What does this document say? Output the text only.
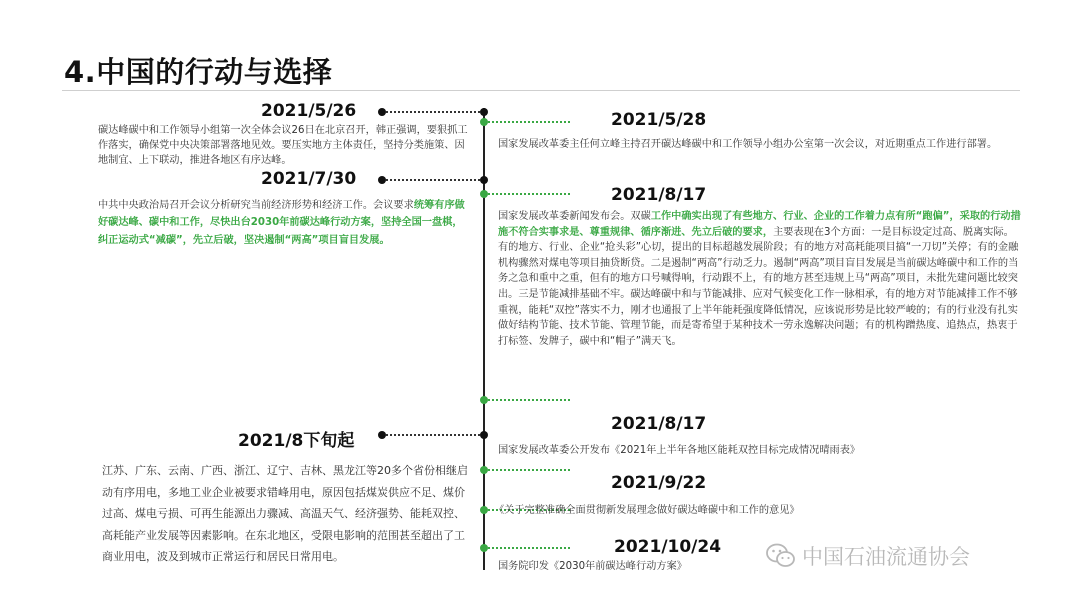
4.中国的行动与选择
2021/5/26
碳达峰碳中和工作领导小组第一次全体会议26日在北京召开，韩正强调，要狠抓工作落实，确保党中央决策部署落地见效。要压实地方主体责任，坚持分类施策、因地制宜、上下联动，推进各地区有序达峰。
2021/7/30
中共中央政治局召开会议分析研究当前经济形势和经济工作。会议要求统筹有序做好碳达峰、碳中和工作，尽快出台2030年前碳达峰行动方案，坚持全国一盘棋，纠正运动式“减碳”，先立后破，坚决遏制“两高”项目盲目发展。
2021/8下旬起
江苏、广东、云南、广西、浙江、辽宁、吉林、黑龙江等20多个省份相继启动有序用电，多地工业企业被要求错峰用电，原因包括煤炭供应不足、煤价过高、煤电亏损、可再生能源出力骤减、高温天气、经济强势、能耗双控、高耗能产业发展等因素影响。在东北地区，受限电影响的范围甚至超出了工商业用电，波及到城市正常运行和居民日常用电。
2021/5/28
国家发展改革委主任何立峰主持召开碳达峰碳中和工作领导小组办公室第一次会议，对近期重点工作进行部署。
2021/8/17
国家发展改革委新闻发布会。双碳工作中确实出现了有些地方、行业、企业的工作着力点有所“跑偏”，采取的行动措施不符合实事求是、尊重规律、循序渐进、先立后破的要求，主要表现在3个方面：一是目标设定过高、脱离实际。有的地方、行业、企业“抢头彩”心切，提出的目标超越发展阶段；有的地方对高耗能项目搞“一刀切”关停；有的金融机构骤然对煤电等项目抽贷断贷。二是遏制“两高”行动乏力。遏制“两高”项目盲目发展是当前碳达峰碳中和工作的当务之急和重中之重，但有的地方口号喊得响，行动跟不上，有的地方甚至违规上马“两高”项目，未批先建问题比较突出。三是节能减排基础不牢。碳达峰碳中和与节能减排、应对气候变化工作一脉相承，有的地方对节能减排工作不够重视，能耗“双控”落实不力，刚才也通报了上半年能耗强度降低情况，应该说形势是比较严峻的；有的行业没有扎实做好结构节能、技术节能、管理节能，而是寄希望于某种技术一劳永逸解决问题；有的机构蹭热度、追热点，热衷于打标签、发牌子，碳中和“帽子”满天飞。
2021/8/17
国家发展改革委公开发布《2021年上半年各地区能耗双控目标完成情况晴雨表》
2021/9/22
《关于完整准确全面贯彻新发展理念做好碳达峰碳中和工作的意见》
2021/10/24
国务院印发《2030年前碳达峰行动方案》	中国石油流通协会
